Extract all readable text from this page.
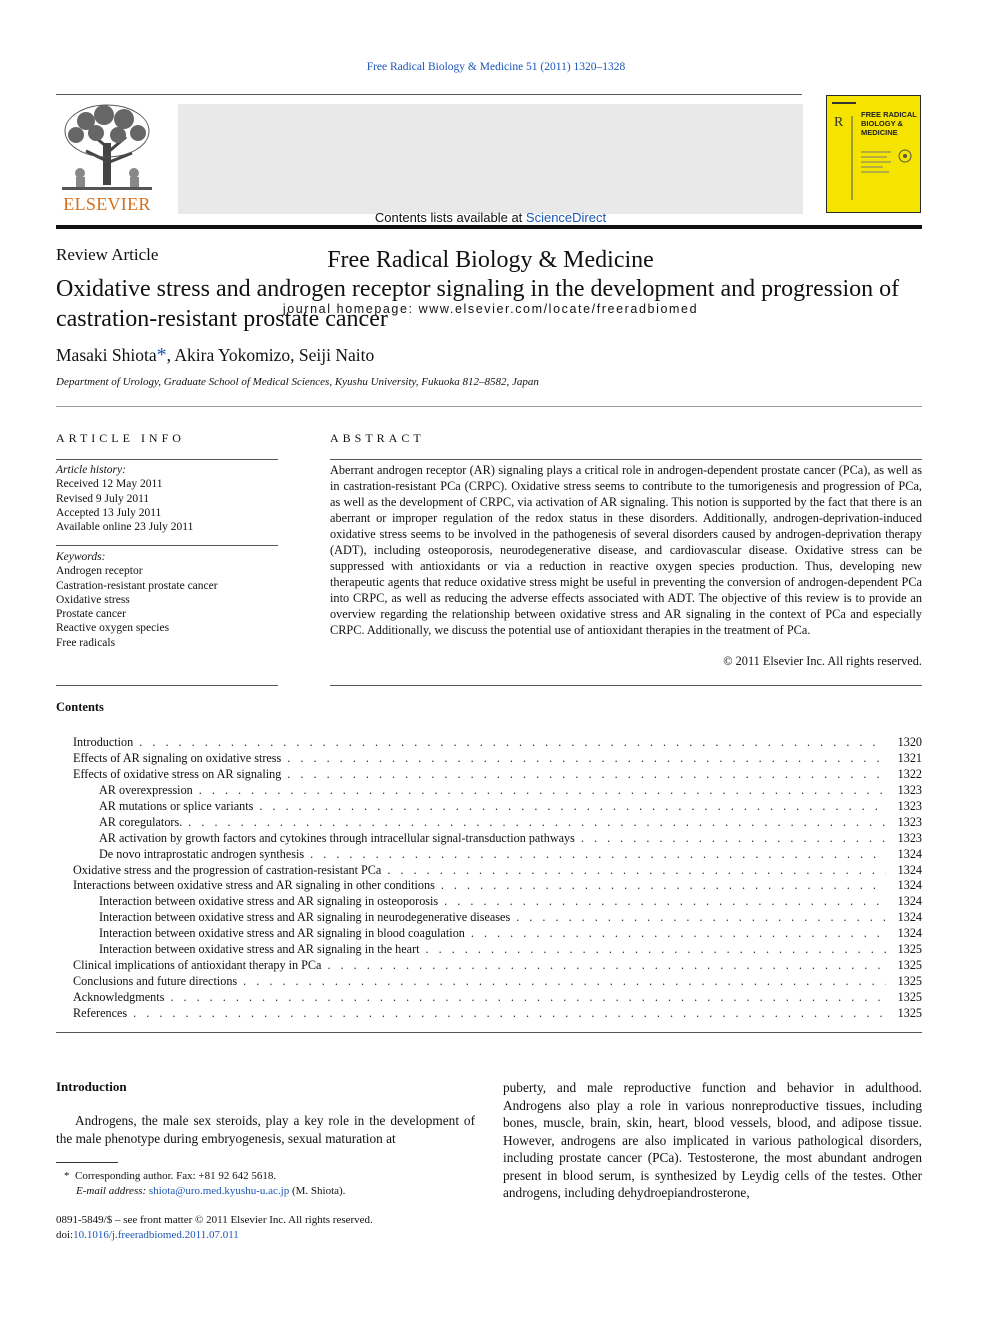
Free Radical Biology & Medicine 51 (2011) 1320–1328
ELSEVIER
Contents lists available at ScienceDirect
Free Radical Biology & Medicine
journal homepage: www.elsevier.com/locate/freeradbiomed
R
FREE RADICAL BIOLOGY & MEDICINE
Review Article
Oxidative stress and androgen receptor signaling in the development and progression of castration-resistant prostate cancer
Masaki Shiota*, Akira Yokomizo, Seiji Naito
Department of Urology, Graduate School of Medical Sciences, Kyushu University, Fukuoka 812–8582, Japan
ARTICLE INFO
Article history:
Received 12 May 2011
Revised 9 July 2011
Accepted 13 July 2011
Available online 23 July 2011
Keywords:
Androgen receptor
Castration-resistant prostate cancer
Oxidative stress
Prostate cancer
Reactive oxygen species
Free radicals
ABSTRACT
Aberrant androgen receptor (AR) signaling plays a critical role in androgen-dependent prostate cancer (PCa), as well as in castration-resistant PCa (CRPC). Oxidative stress seems to contribute to the tumorigenesis and progression of PCa, as well as the development of CRPC, via activation of AR signaling. This notion is supported by the fact that there is an aberrant or improper regulation of the redox status in these disorders. Additionally, androgen-deprivation-induced oxidative stress seems to be involved in the pathogenesis of several disorders caused by androgen-deprivation therapy (ADT), including osteoporosis, neurodegenerative disease, and cardiovascular disease. Oxidative stress can be suppressed with antioxidants or via a reduction in reactive oxygen species production. Thus, developing new therapeutic agents that reduce oxidative stress might be useful in preventing the conversion of androgen-dependent PCa into CRPC, as well as reducing the adverse effects associated with ADT. The objective of this review is to provide an overview regarding the relationship between oxidative stress and AR signaling in the context of PCa and especially CRPC. Additionally, we discuss the potential use of antioxidant therapies in the treatment of PCa.
© 2011 Elsevier Inc. All rights reserved.
Contents
Introduction . . .	1320
Effects of AR signaling on oxidative stress . . .	1321
Effects of oxidative stress on AR signaling . . .	1322
AR overexpression . . .	1323
AR mutations or splice variants . . .	1323
AR coregulators. . . .	1323
AR activation by growth factors and cytokines through intracellular signal-transduction pathways . . .	1323
De novo intraprostatic androgen synthesis . . .	1324
Oxidative stress and the progression of castration-resistant PCa . . .	1324
Interactions between oxidative stress and AR signaling in other conditions . . .	1324
Interaction between oxidative stress and AR signaling in osteoporosis . . .	1324
Interaction between oxidative stress and AR signaling in neurodegenerative diseases . . .	1324
Interaction between oxidative stress and AR signaling in blood coagulation . . .	1324
Interaction between oxidative stress and AR signaling in the heart . . .	1325
Clinical implications of antioxidant therapy in PCa . . .	1325
Conclusions and future directions . . .	1325
Acknowledgments . . .	1325
References . . .	1325
Introduction
Androgens, the male sex steroids, play a key role in the development of the male phenotype during embryogenesis, sexual maturation at
puberty, and male reproductive function and behavior in adulthood. Androgens also play a role in various nonreproductive tissues, including bones, muscle, brain, skin, heart, blood vessels, blood, and adipose tissue. However, androgens are also implicated in various pathological disorders, including prostate cancer (PCa). Testosterone, the most abundant androgen present in blood serum, is synthesized by Leydig cells of the testes. Other androgens, including dehydroepiandrosterone,
* Corresponding author. Fax: +81 92 642 5618.
E-mail address: shiota@uro.med.kyushu-u.ac.jp (M. Shiota).
0891-5849/$ – see front matter © 2011 Elsevier Inc. All rights reserved.
doi:10.1016/j.freeradbiomed.2011.07.011
